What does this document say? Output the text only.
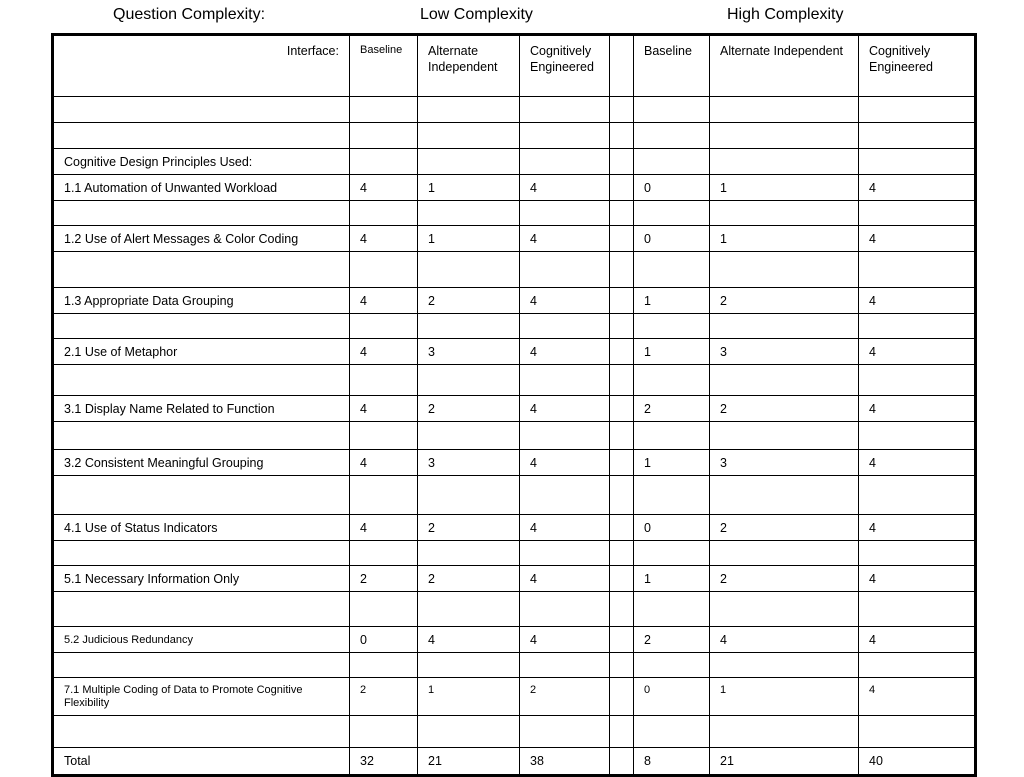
Question Complexity:	Low Complexity	High Complexity
Interface:	Baseline	Alternate Independent	Cognitively Engineered		Baseline	Alternate Independent	Cognitively Engineered

Cognitive Design Principles Used:							
1.1 Automation of Unwanted Workload	4	1	4		0	1	4

1.2 Use of Alert Messages & Color Coding	4	1	4		0	1	4

1.3 Appropriate Data Grouping	4	2	4		1	2	4

2.1 Use of Metaphor	4	3	4		1	3	4

3.1 Display Name Related to Function	4	2	4		2	2	4

3.2 Consistent Meaningful Grouping	4	3	4		1	3	4

4.1 Use of Status Indicators	4	2	4		0	2	4

5.1 Necessary Information Only	2	2	4		1	2	4

5.2 Judicious Redundancy	0	4	4		2	4	4

7.1 Multiple Coding of Data to Promote Cognitive Flexibility	2	1	2		0	1	4

Total	32	21	38		8	21	40
